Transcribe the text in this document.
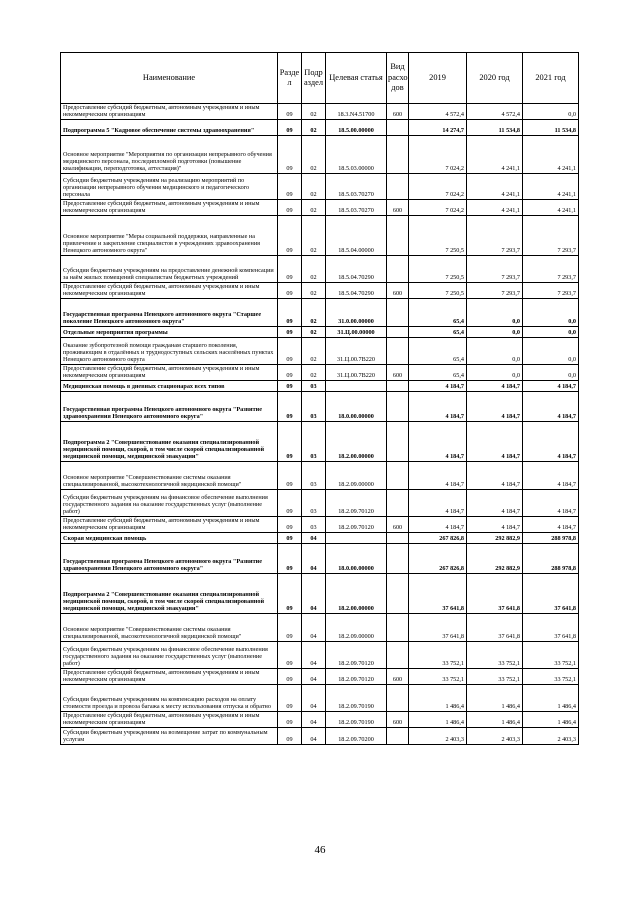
Наименование	Разде л	Подр аздел	Целевая статья	Вид расхо дов	2019	2020 год	2021 год
Предоставление субсидий бюджетным, автономным учреждениям и иным некоммерческим организациям	09	02	18.3.N4.51700	600	4 572,4	4 572,4	0,0
Подпрограмма 5 "Кадровое обеспечение системы здравоохранения"	09	02	18.5.00.00000		14 274,7	11 534,8	11 534,8
Основное мероприятие "Мероприятия по организации непрерывного обучения медицинского персонала, последипломной подготовки (повышение квалификации, переподготовка, аттестация)"	09	02	18.5.03.00000		7 024,2	4 241,1	4 241,1
Субсидии бюджетным учреждениям на реализацию мероприятий по организации непрерывного обучения медицинского и педагогического персонала	09	02	18.5.03.70270		7 024,2	4 241,1	4 241,1
Предоставление субсидий бюджетным, автономным учреждениям и иным некоммерческим организациям	09	02	18.5.03.70270	600	7 024,2	4 241,1	4 241,1
Основное мероприятие "Меры социальной поддержки, направленные на привлечение и закрепление специалистов в учреждениях здравоохранения Ненецкого автономного округа"	09	02	18.5.04.00000		7 250,5	7 293,7	7 293,7
Субсидии бюджетным учреждениям на предоставление денежной компенсации за наём жилых помещений специалистам бюджетных учреждений	09	02	18.5.04.70290		7 250,5	7 293,7	7 293,7
Предоставление субсидий бюджетным, автономным учреждениям и иным некоммерческим организациям	09	02	18.5.04.70290	600	7 250,5	7 293,7	7 293,7
Государственная программа Ненецкого автономного округа "Старшее поколение Ненецкого автономного округа"	09	02	31.0.00.00000		65,4	0,0	0,0
Отдельные мероприятия программы	09	02	31.Ц.00.00000		65,4	0,0	0,0
Оказание зубопротезной помощи гражданам старшего поколения, проживающим в отдалённых и труднодоступных сельских населённых пунктах Ненецкого автономного округа	09	02	31.Ц.00.7В220		65,4	0,0	0,0
Предоставление субсидий бюджетным, автономным учреждениям и иным некоммерческим организациям	09	02	31.Ц.00.7В220	600	65,4	0,0	0,0
Медицинская помощь в дневных стационарах всех типов	09	03			4 184,7	4 184,7	4 184,7
Государственная программа Ненецкого автономного округа "Развитие здравоохранения Ненецкого автономного округа"	09	03	18.0.00.00000		4 184,7	4 184,7	4 184,7
Подпрограмма 2 "Совершенствование оказания специализированной медицинской помощи, скорой, в том числе скорой специализированной медицинской помощи, медицинской эвакуации"	09	03	18.2.00.00000		4 184,7	4 184,7	4 184,7
Основное мероприятие "Совершенствование системы оказания специализированной, высокотехнологичной медицинской помощи"	09	03	18.2.09.00000		4 184,7	4 184,7	4 184,7
Субсидии бюджетным учреждениям на финансовое обеспечение выполнения государственного задания на оказание государственных услуг (выполнение работ)	09	03	18.2.09.70120		4 184,7	4 184,7	4 184,7
Предоставление субсидий бюджетным, автономным учреждениям и иным некоммерческим организациям	09	03	18.2.09.70120	600	4 184,7	4 184,7	4 184,7
Скорая медицинская помощь	09	04			267 826,8	292 882,9	288 978,8
Государственная программа Ненецкого автономного округа "Развитие здравоохранения Ненецкого автономного округа"	09	04	18.0.00.00000		267 826,8	292 882,9	288 978,8
Подпрограмма 2 "Совершенствование оказания специализированной медицинской помощи, скорой, в том числе скорой специализированной медицинской помощи, медицинской эвакуации"	09	04	18.2.00.00000		37 641,8	37 641,8	37 641,8
Основное мероприятие "Совершенствование системы оказания специализированной, высокотехнологичной медицинской помощи"	09	04	18.2.09.00000		37 641,8	37 641,8	37 641,8
Субсидии бюджетным учреждениям на финансовое обеспечение выполнения государственного задания на оказание государственных услуг (выполнение работ)	09	04	18.2.09.70120		33 752,1	33 752,1	33 752,1
Предоставление субсидий бюджетным, автономным учреждениям и иным некоммерческим организациям	09	04	18.2.09.70120	600	33 752,1	33 752,1	33 752,1
Субсидии бюджетным учреждениям на компенсацию расходов на оплату стоимости проезда и провоза багажа к месту использования отпуска и обратно	09	04	18.2.09.70190		1 486,4	1 486,4	1 486,4
Предоставление субсидий бюджетным, автономным учреждениям и иным некоммерческим организациям	09	04	18.2.09.70190	600	1 486,4	1 486,4	1 486,4
Субсидии бюджетным учреждениям на возмещение затрат по коммунальным услугам	09	04	18.2.09.70200		2 403,3	2 403,3	2 403,3
46
